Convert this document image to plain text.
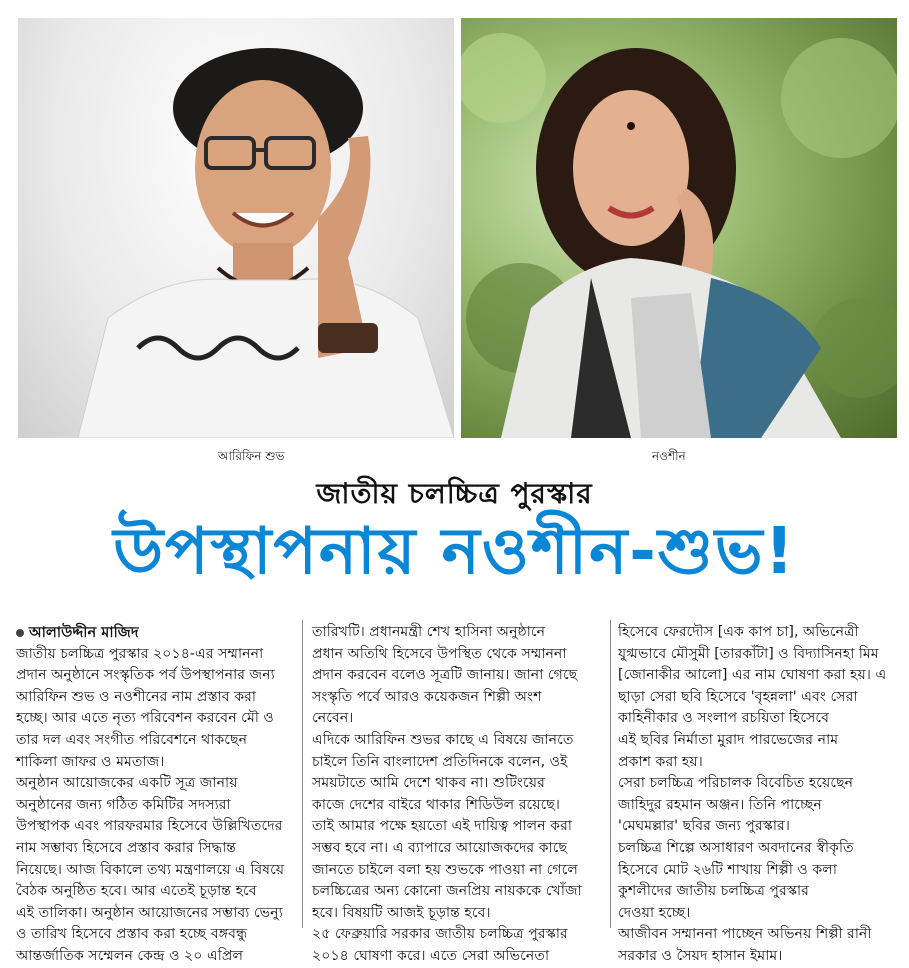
আরিফিন শুভ	নওশীন
জাতীয় চলচ্চিত্র পুরস্কার
উপস্থাপনায় নওশীন-শুভ!
আলাউদ্দীন মাজিদ
জাতীয় চলচ্চিত্র পুরস্কার ২০১৪-এর সম্মাননা
প্রদান অনুষ্ঠানে সংস্কৃতিক পর্ব উপস্থাপনার জন্য
আরিফিন শুভ ও নওশীনের নাম প্রস্তাব করা
হচ্ছে। আর এতে নৃত্য পরিবেশন করবেন মৌ ও
তার দল এবং সংগীত পরিবেশনে থাকছেন
শাকিলা জাফর ও মমতাজ।
অনুষ্ঠান আয়োজকের একটি সূত্র জানায়
অনুষ্ঠানের জন্য গঠিত কমিটির সদস্যরা
উপস্থাপক এবং পারফরমার হিসেবে উল্লিখিতদের
নাম সম্ভাব্য হিসেবে প্রস্তাব করার সিদ্ধান্ত
নিয়েছে। আজ বিকালে তথ্য মন্ত্রণালয়ে এ বিষয়ে
বৈঠক অনুষ্ঠিত হবে। আর এতেই চূড়ান্ত হবে
এই তালিকা। অনুষ্ঠান আয়োজনের সম্ভাব্য ভেন্যু
ও তারিখ হিসেবে প্রস্তাব করা হচ্ছে বঙ্গবন্ধু
আন্তর্জাতিক সম্মেলন কেন্দ্র ও ২০ এপ্রিল
তারিখটি। প্রধানমন্ত্রী শেখ হাসিনা অনুষ্ঠানে
প্রধান অতিথি হিসেবে উপস্থিত থেকে সম্মাননা
প্রদান করবেন বলেও সূত্রটি জানায়। জানা গেছে
সংস্কৃতি পর্বে আরও কয়েকজন শিল্পী অংশ
নেবেন।
এদিকে আরিফিন শুভর কাছে এ বিষয়ে জানতে
চাইলে তিনি বাংলাদেশ প্রতিদিনকে বলেন, ওই
সময়টাতে আমি দেশে থাকব না। শুটিংয়ের
কাজে দেশের বাইরে থাকার শিডিউল রয়েছে।
তাই আমার পক্ষে হয়তো এই দায়িত্ব পালন করা
সম্ভব হবে না। এ ব্যাপারে আয়োজকদের কাছে
জানতে চাইলে বলা হয় শুভকে পাওয়া না গেলে
চলচ্চিত্রের অন্য কোনো জনপ্রিয় নায়ককে খোঁজা
হবে। বিষয়টি আজই চূড়ান্ত হবে।
২৫ ফেব্রুয়ারি সরকার জাতীয় চলচ্চিত্র পুরস্কার
২০১৪ ঘোষণা করে। এতে সেরা অভিনেতা
হিসেবে ফেরদৌস [এক কাপ চা], অভিনেত্রী
যুগ্মভাবে মৌসুমী [তারকাঁটা] ও বিদ্যাসিনহা মিম
[জোনাকীর আলো] এর নাম ঘোষণা করা হয়। এ
ছাড়া সেরা ছবি হিসেবে 'বৃহন্নলা' এবং সেরা
কাহিনীকার ও সংলাপ রচয়িতা হিসেবে
এই ছবির নির্মাতা মুরাদ পারভেজের নাম
প্রকাশ করা হয়।
সেরা চলচ্চিত্র পরিচালক বিবেচিত হয়েছেন
জাহিদুর রহমান অঞ্জন। তিনি পাচ্ছেন
'মেঘমল্লার' ছবির জন্য পুরস্কার।
চলচ্চিত্র শিল্পে অসাধারণ অবদানের স্বীকৃতি
হিসেবে মোট ২৬টি শাখায় শিল্পী ও কলা
কুশলীদের জাতীয় চলচ্চিত্র পুরস্কার
দেওয়া হচ্ছে।
আজীবন সম্মাননা পাচ্ছেন অভিনয় শিল্পী রানী
সরকার ও সৈয়দ হাসান ইমাম।
